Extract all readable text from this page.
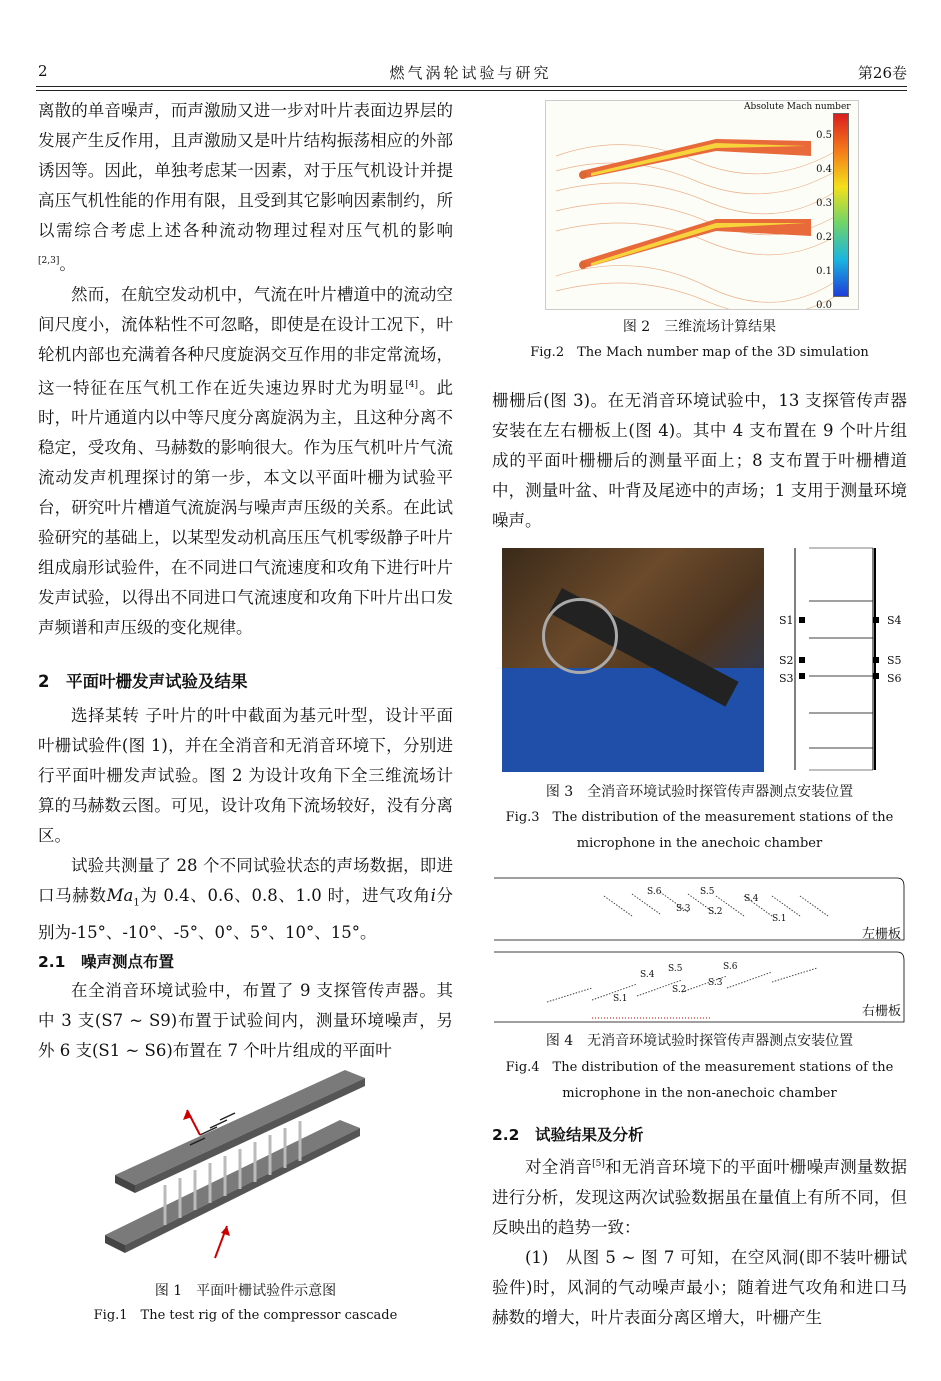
2	燃气涡轮试验与研究	第26卷

离散的单音噪声，而声激励又进一步对叶片表面边界层的发展产生反作用，且声激励又是叶片结构振荡相应的外部诱因等。因此，单独考虑某一因素，对于压气机设计并提高压气机性能的作用有限，且受到其它影响因素制约，所以需综合考虑上述各种流动物理过程对压气机的影响[2,3]。

然而，在航空发动机中，气流在叶片槽道中的流动空间尺度小，流体粘性不可忽略，即使是在设计工况下，叶轮机内部也充满着各种尺度旋涡交互作用的非定常流场，这一特征在压气机工作在近失速边界时尤为明显[4]。此时，叶片通道内以中等尺度分离旋涡为主，且这种分离不稳定，受攻角、马赫数的影响很大。作为压气机叶片气流流动发声机理探讨的第一步，本文以平面叶栅为试验平台，研究叶片槽道气流旋涡与噪声声压级的关系。在此试验研究的基础上，以某型发动机高压压气机零级静子叶片组成扇形试验件，在不同进口气流速度和攻角下进行叶片发声试验，以得出不同进口气流速度和攻角下叶片出口发声频谱和声压级的变化规律。

2　平面叶栅发声试验及结果

选择某转 子叶片的叶中截面为基元叶型，设计平面叶栅试验件(图 1)，并在全消音和无消音环境下，分别进行平面叶栅发声试验。图 2 为设计攻角下全三维流场计算的马赫数云图。可见，设计攻角下流场较好，没有分离区。

试验共测量了 28 个不同试验状态的声场数据，即进口马赫数$Ma_1$为 0.4、0.6、0.8、1.0 时，进气攻角i分别为-15°、-10°、-5°、0°、5°、10°、15°。

2.1　噪声测点布置

在全消音环境试验中，布置了 9 支探管传声器。其中 3 支(S7 ~ S9)布置于试验间内，测量环境噪声，另外 6 支(S1 ~ S6)布置在 7 个叶片组成的平面叶

图 1　平面叶栅试验件示意图
Fig.1　The test rig of the compressor cascade
Absolute Mach number
0.5
0.4
0.3
0.2
0.1
0.0
图 2　三维流场计算结果
Fig.2　The Mach number map of the 3D simulation

栅栅后(图 3)。在无消音环境试验中，13 支探管传声器安装在左右栅板上(图 4)。其中 4 支布置在 9 个叶片组成的平面叶栅栅后的测量平面上；8 支布置于叶栅槽道中，测量叶盆、叶背及尾迹中的声场；1 支用于测量环境噪声。

S1
S2
S3
S4
S5
S6
图 3　全消音环境试验时探管传声器测点安装位置
Fig.3　The distribution of the measurement stations of the
microphone in the anechoic chamber
S.6	S.5
S.4
S.3 S.2
S.1
左栅板
S.6
S.5
S.4
S.3
S.2
S.1
右栅板
图 4　无消音环境试验时探管传声器测点安装位置
Fig.4　The distribution of the measurement stations of the
microphone in the non-anechoic chamber
2.2　试验结果及分析

对全消音[5]和无消音环境下的平面叶栅噪声测量数据进行分析，发现这两次试验数据虽在量值上有所不同，但反映出的趋势一致：

(1)　从图 5 ~ 图 7 可知，在空风洞(即不装叶栅试验件)时，风洞的气动噪声最小；随着进气攻角和进口马赫数的增大，叶片表面分离区增大，叶栅产生
